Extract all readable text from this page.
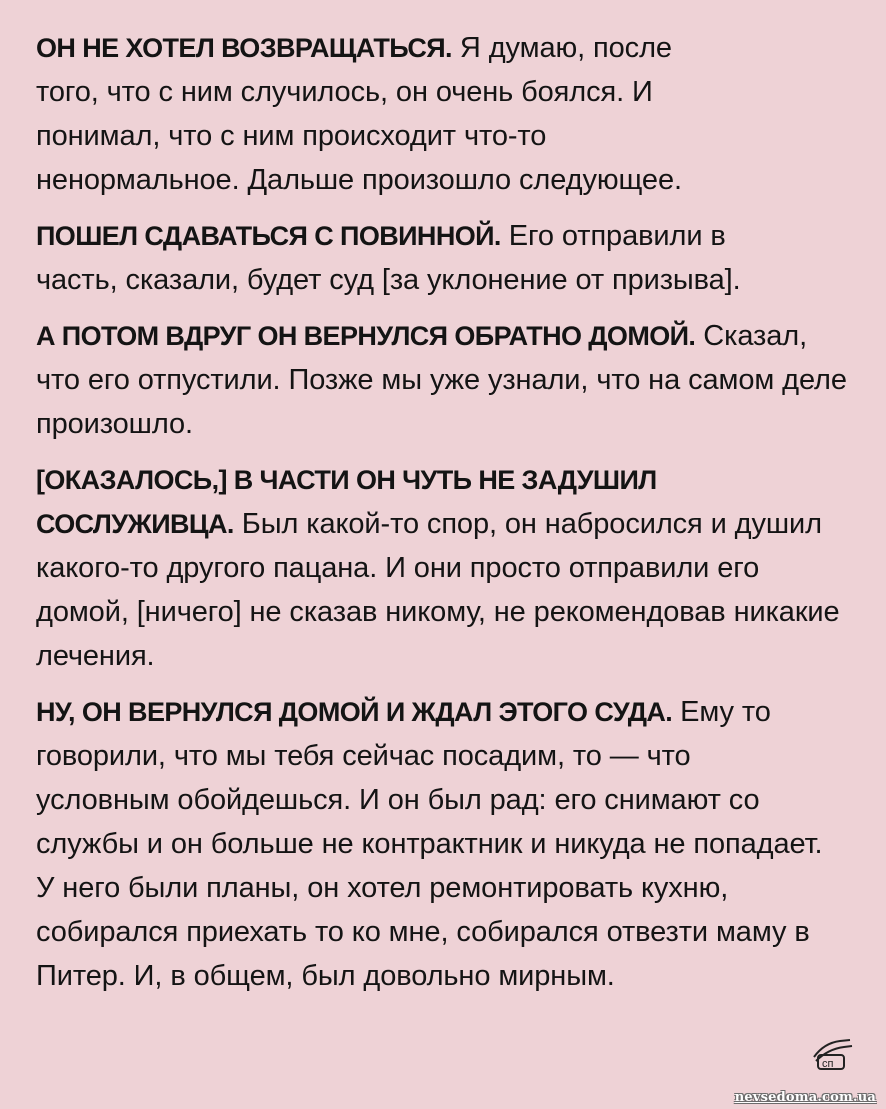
ОН НЕ ХОТЕЛ ВОЗВРАЩАТЬСЯ. Я думаю, после того, что с ним случилось, он очень боялся. И понимал, что с ним происходит что-то ненормальное. Дальше произошло следующее.

ПОШЕЛ СДАВАТЬСЯ С ПОВИННОЙ. Его отправили в часть, сказали, будет суд [за уклонение от призыва].

А ПОТОМ ВДРУГ ОН ВЕРНУЛСЯ ОБРАТНО ДОМОЙ. Сказал, что его отпустили. Позже мы уже узнали, что на самом деле произошло.

[ОКАЗАЛОСЬ,] В ЧАСТИ ОН ЧУТЬ НЕ ЗАДУШИЛ СОСЛУЖИВЦА. Был какой-то спор, он набросился и душил какого-то другого пацана. И они просто отправили его домой, [ничего] не сказав никому, не рекомендовав никакие лечения.

НУ, ОН ВЕРНУЛСЯ ДОМОЙ И ЖДАЛ ЭТОГО СУДА. Ему то говорили, что мы тебя сейчас посадим, то — что условным обойдешься. И он был рад: его снимают со службы и он больше не контрактник и никуда не попадает. У него были планы, он хотел ремонтировать кухню, собирался приехать то ко мне, собирался отвезти маму в Питер. И, в общем, был довольно мирным.

сп
nevsedoma.com.ua
